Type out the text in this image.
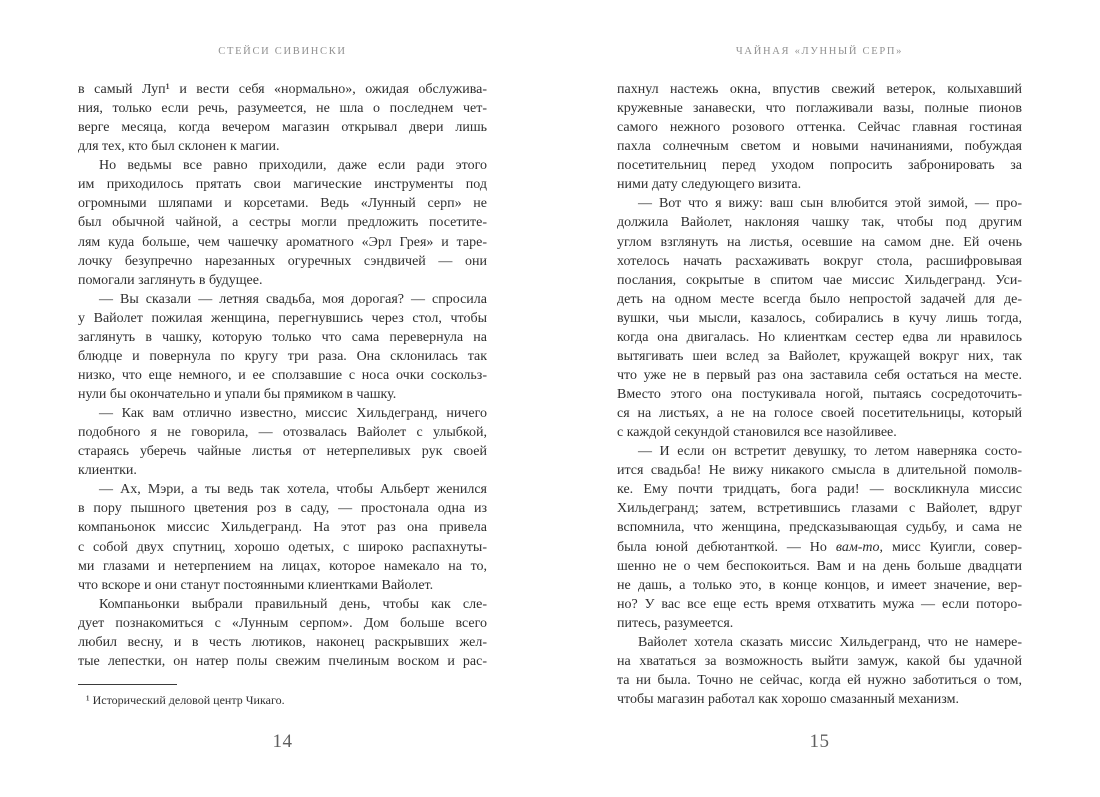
СТЕЙСИ СИВИНСКИ	ЧАЙНАЯ «ЛУННЫЙ СЕРП»
в самый Луп¹ и вести себя «нормально», ожидая обслужива-
ния, только если речь, разумеется, не шла о последнем чет-
верге месяца, когда вечером магазин открывал двери лишь
для тех, кто был склонен к магии.
Но ведьмы все равно приходили, даже если ради этого
им приходилось прятать свои магические инструменты под
огромными шляпами и корсетами. Ведь «Лунный серп» не
был обычной чайной, а сестры могли предложить посетите-
лям куда больше, чем чашечку ароматного «Эрл Грея» и таре-
лочку безупречно нарезанных огуречных сэндвичей — они
помогали заглянуть в будущее.
— Вы сказали — летняя свадьба, моя дорогая? — спросила
у Вайолет пожилая женщина, перегнувшись через стол, чтобы
заглянуть в чашку, которую только что сама перевернула на
блюдце и повернула по кругу три раза. Она склонилась так
низко, что еще немного, и ее сползавшие с носа очки соскольз-
нули бы окончательно и упали бы прямиком в чашку.
— Как вам отлично известно, миссис Хильдегранд, ничего
подобного я не говорила, — отозвалась Вайолет с улыбкой,
стараясь уберечь чайные листья от нетерпеливых рук своей
клиентки.
— Ах, Мэри, а ты ведь так хотела, чтобы Альберт женился
в пору пышного цветения роз в саду, — простонала одна из
компаньонок миссис Хильдегранд. На этот раз она привела
с собой двух спутниц, хорошо одетых, с широко распахнуты-
ми глазами и нетерпением на лицах, которое намекало на то,
что вскоре и они станут постоянными клиентками Вайолет.
Компаньонки выбрали правильный день, чтобы как сле-
дует познакомиться с «Лунным серпом». Дом больше всего
любил весну, и в честь лютиков, наконец раскрывших жел-
тые лепестки, он натер полы свежим пчелиным воском и рас-
¹ Исторический деловой центр Чикаго.
пахнул настежь окна, впустив свежий ветерок, колыхавший
кружевные занавески, что поглаживали вазы, полные пионов
самого нежного розового оттенка. Сейчас главная гостиная
пахла солнечным светом и новыми начинаниями, побуждая
посетительниц перед уходом попросить забронировать за
ними дату следующего визита.
— Вот что я вижу: ваш сын влюбится этой зимой, — про-
должила Вайолет, наклоняя чашку так, чтобы под другим
углом взглянуть на листья, осевшие на самом дне. Ей очень
хотелось начать расхаживать вокруг стола, расшифровывая
послания, сокрытые в спитом чае миссис Хильдегранд. Уси-
деть на одном месте всегда было непростой задачей для де-
вушки, чьи мысли, казалось, собирались в кучу лишь тогда,
когда она двигалась. Но клиенткам сестер едва ли нравилось
вытягивать шеи вслед за Вайолет, кружащей вокруг них, так
что уже не в первый раз она заставила себя остаться на месте.
Вместо этого она постукивала ногой, пытаясь сосредоточить-
ся на листьях, а не на голосе своей посетительницы, который
с каждой секундой становился все назойливее.
— И если он встретит девушку, то летом наверняка состо-
ится свадьба! Не вижу никакого смысла в длительной помолв-
ке. Ему почти тридцать, бога ради! — воскликнула миссис
Хильдегранд; затем, встретившись глазами с Вайолет, вдруг
вспомнила, что женщина, предсказывающая судьбу, и сама не
была юной дебютанткой. — Но вам-то, мисс Куигли, совер-
шенно не о чем беспокоиться. Вам и на день больше двадцати
не дашь, а только это, в конце концов, и имеет значение, вер-
но? У вас все еще есть время отхватить мужа — если поторо-
питесь, разумеется.
Вайолет хотела сказать миссис Хильдегранд, что не намере-
на хвататься за возможность выйти замуж, какой бы удачной
та ни была. Точно не сейчас, когда ей нужно заботиться о том,
чтобы магазин работал как хорошо смазанный механизм.
14	15
